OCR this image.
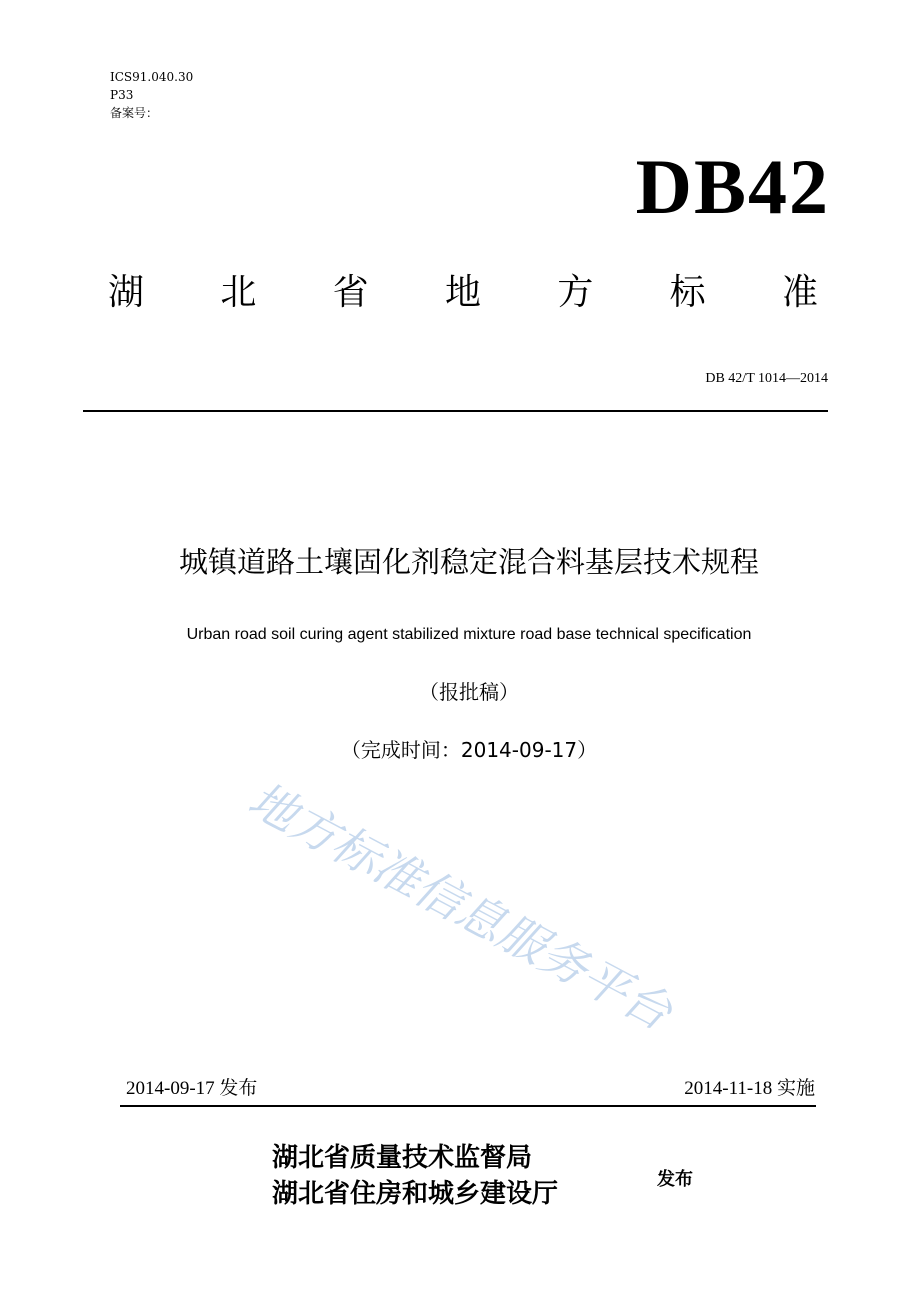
ICS91.040.30
P33
备案号：
DB42
湖 北 省 地 方 标 准
DB 42/T 1014—2014
城镇道路土壤固化剂稳定混合料基层技术规程
Urban road soil curing agent stabilized mixture road base technical specification
（报批稿）
（完成时间：2014-09-17）
地方标准信息服务平台
2014-09-17 发布	2014-11-18 实施
湖北省质量技术监督局
湖北省住房和城乡建设厅	发布
